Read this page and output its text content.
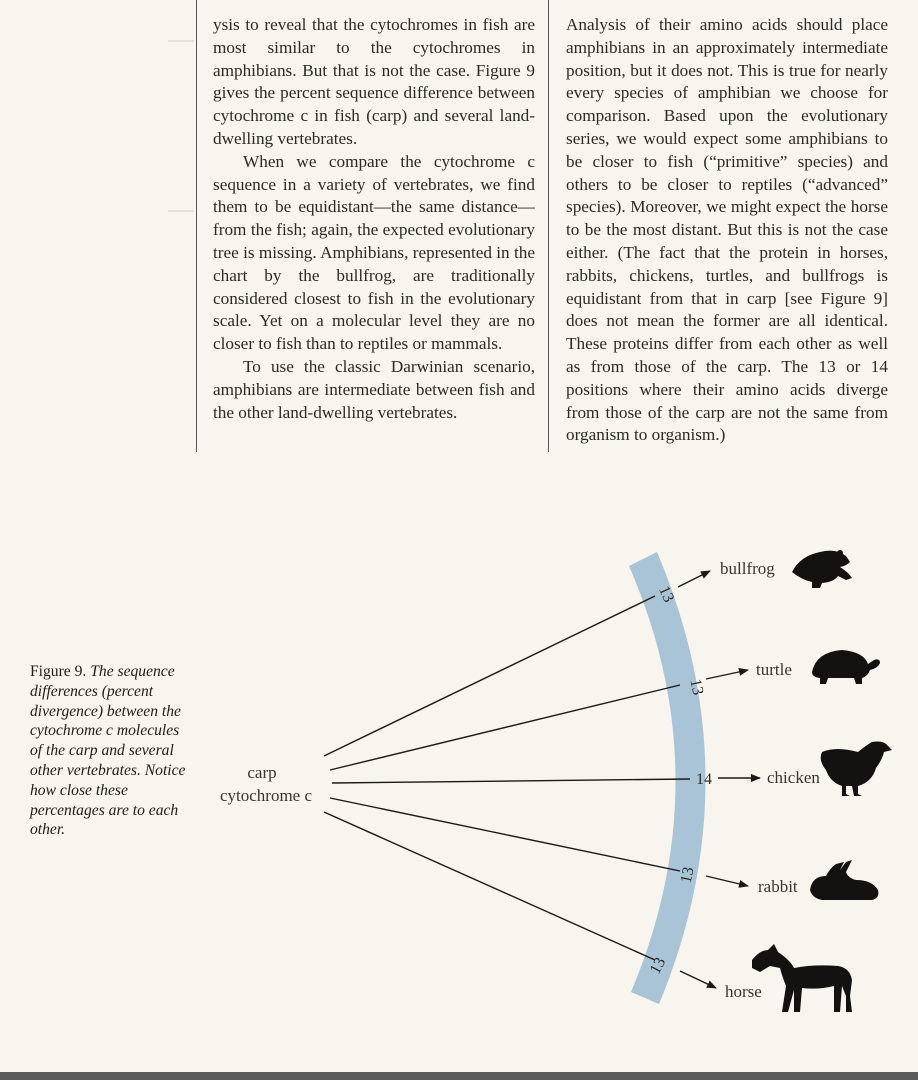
ysis to reveal that the cytochromes in fish are most similar to the cytochromes in amphibians. But that is not the case. Figure 9 gives the percent sequence difference between cytochrome c in fish (carp) and several land-dwelling vertebrates.

When we compare the cytochrome c sequence in a variety of vertebrates, we find them to be equidistant—the same distance—from the fish; again, the expected evolutionary tree is missing. Amphibians, represented in the chart by the bullfrog, are traditionally considered closest to fish in the evolutionary scale. Yet on a molecular level they are no closer to fish than to reptiles or mammals.

To use the classic Darwinian scenario, amphibians are intermediate between fish and the other land-dwelling vertebrates.

Analysis of their amino acids should place amphibians in an approximately intermediate position, but it does not. This is true for nearly every species of amphibian we choose for comparison. Based upon the evolutionary series, we would expect some amphibians to be closer to fish (“primitive” species) and others to be closer to reptiles (“advanced” species). Moreover, we might expect the horse to be the most distant. But this is not the case either. (The fact that the protein in horses, rabbits, chickens, turtles, and bullfrogs is equidistant from that in carp [see Figure 9] does not mean the former are all identical. These proteins differ from each other as well as from those of the carp. The 13 or 14 positions where their amino acids diverge from those of the carp are not the same from organism to organism.)

Figure 9. The sequence differences (percent divergence) between the cytochrome c molecules of the carp and several other vertebrates. Notice how close these percentages are to each other.
carp
cytochrome c
13
13
14
13
13
bullfrog
turtle
chicken
rabbit
horse
